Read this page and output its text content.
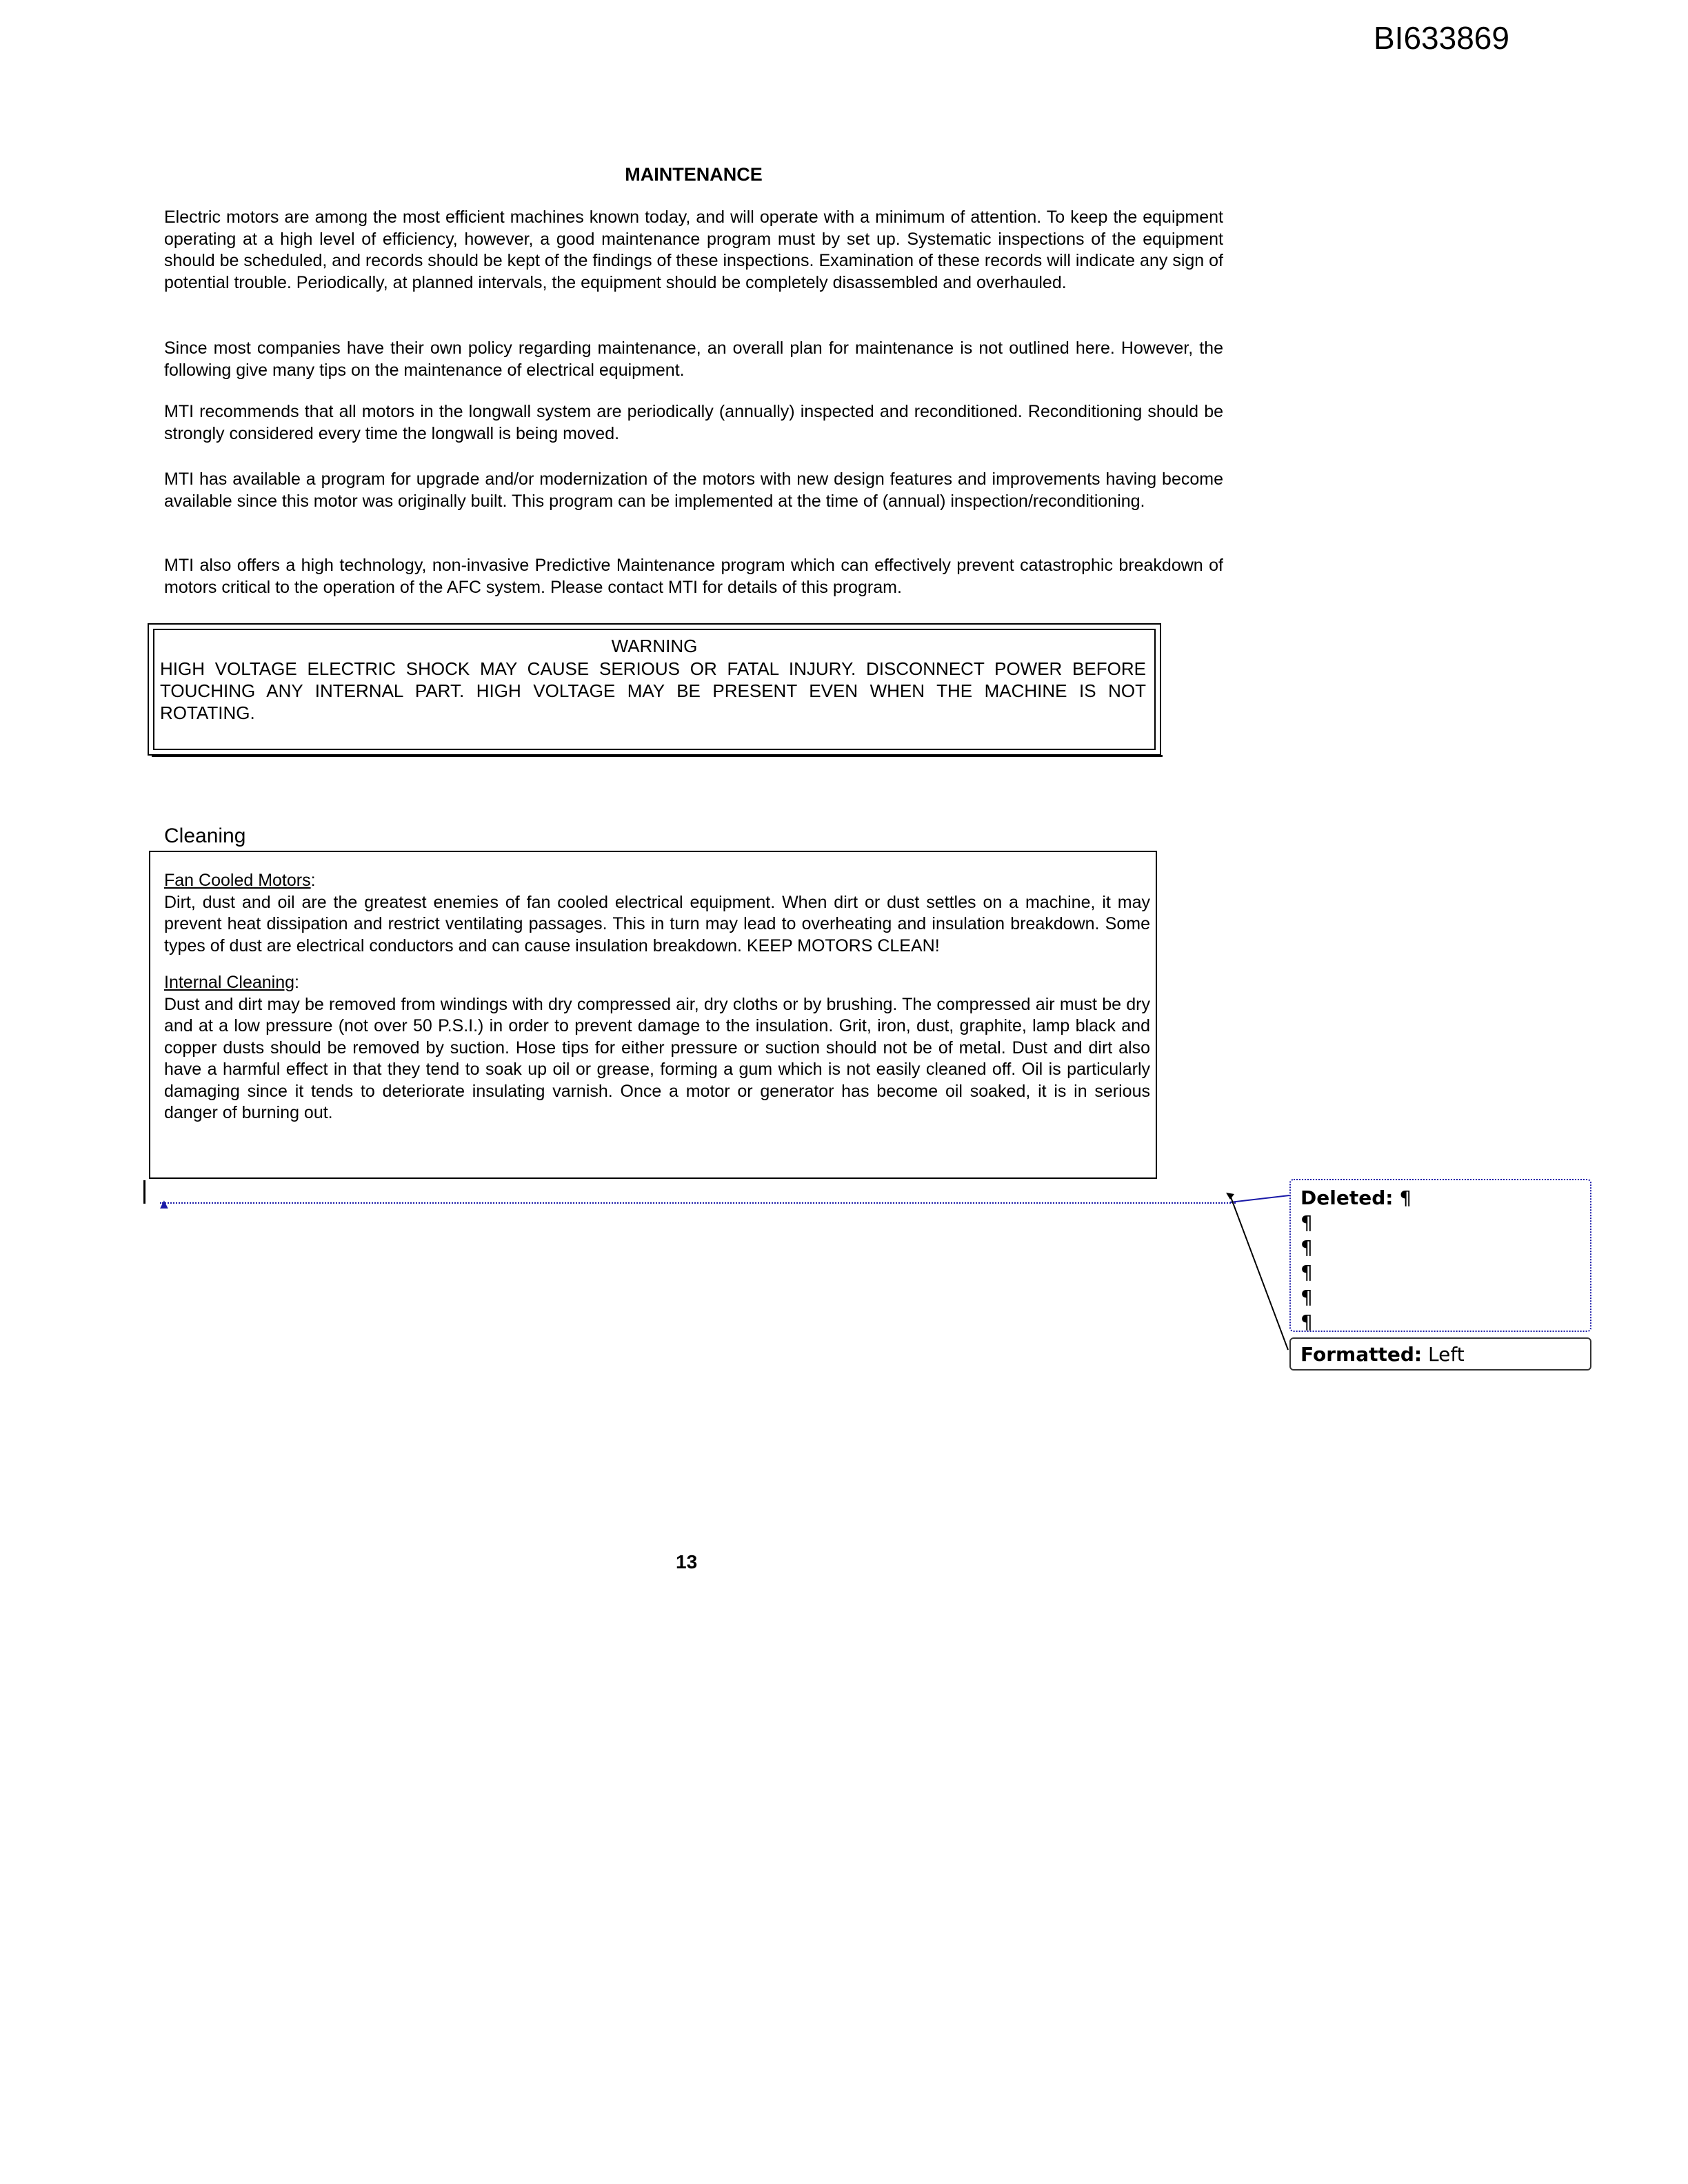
BI633869
MAINTENANCE

Electric motors are among the most efficient machines known today, and will operate with a minimum of attention. To keep the equipment operating at a high level of efficiency, however, a good maintenance program must by set up. Systematic inspections of the equipment should be scheduled, and records should be kept of the findings of these inspections. Examination of these records will indicate any sign of potential trouble. Periodically, at planned intervals, the equipment should be completely disassembled and overhauled.

Since most companies have their own policy regarding maintenance, an overall plan for maintenance is not outlined here. However, the following give many tips on the maintenance of electrical equipment.

MTI recommends that all motors in the longwall system are periodically (annually) inspected and reconditioned. Reconditioning should be strongly considered every time the longwall is being moved.

MTI has available a program for upgrade and/or modernization of the motors with new design features and improvements having become available since this motor was originally built. This program can be implemented at the time of (annual) inspection/reconditioning.

MTI also offers a high technology, non-invasive Predictive Maintenance program which can effectively prevent catastrophic breakdown of motors critical to the operation of the AFC system. Please contact MTI for details of this program.

WARNING
HIGH VOLTAGE ELECTRIC SHOCK MAY CAUSE SERIOUS OR FATAL INJURY. DISCONNECT POWER BEFORE TOUCHING ANY INTERNAL PART. HIGH VOLTAGE MAY BE PRESENT EVEN WHEN THE MACHINE IS NOT ROTATING.
Cleaning
Fan Cooled Motors:
Dirt, dust and oil are the greatest enemies of fan cooled electrical equipment. When dirt or dust settles on a machine, it may prevent heat dissipation and restrict ventilating passages. This in turn may lead to overheating and insulation breakdown. Some types of dust are electrical conductors and can cause insulation breakdown. KEEP MOTORS CLEAN!
Internal Cleaning:
Dust and dirt may be removed from windings with dry compressed air, dry cloths or by brushing. The compressed air must be dry and at a low pressure (not over 50 P.S.I.) in order to prevent damage to the insulation. Grit, iron, dust, graphite, lamp black and copper dusts should be removed by suction. Hose tips for either pressure or suction should not be of metal. Dust and dirt also have a harmful effect in that they tend to soak up oil or grease, forming a gum which is not easily cleaned off. Oil is particularly damaging since it tends to deteriorate insulating varnish. Once a motor or generator has become oil soaked, it is in serious danger of burning out.
▲	Deleted: ¶
¶
¶
¶
¶
¶
Formatted: Left
13
